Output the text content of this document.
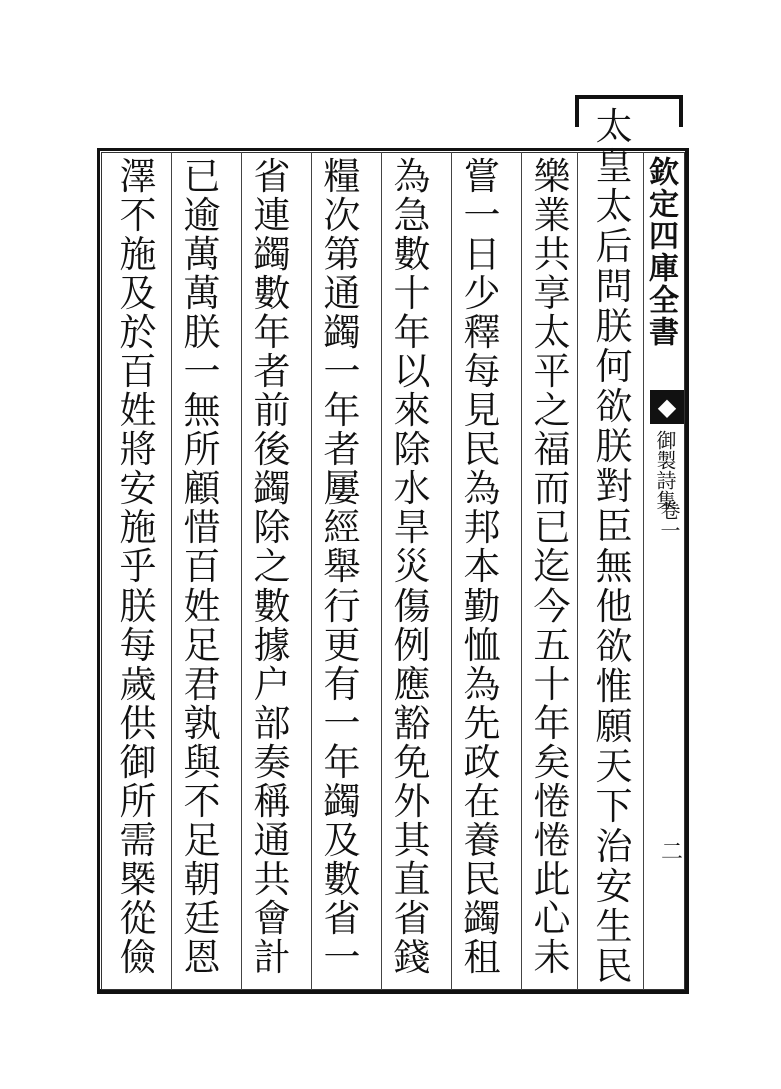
太
皇
太
后
問
朕
何
欲
朕
對
臣
無
他
欲
惟
願
天
下
治
安
生
民
樂
業
共
享
太
平
之
福
而
已
迄
今
五
十
年
矣
惓
惓
此
心
未
嘗
一
日
少
釋
每
見
民
為
邦
本
勤
恤
為
先
政
在
養
民
蠲
租
為
急
數
十
年
以
來
除
水
旱
災
傷
例
應
豁
免
外
其
直
省
錢
糧
次
第
通
蠲
一
年
者
屢
經
舉
行
更
有
一
年
蠲
及
數
省
一
省
連
蠲
數
年
者
前
後
蠲
除
之
數
據
户
部
奏
稱
通
共
會
計
已
逾
萬
萬
朕
一
無
所
顧
惜
百
姓
足
君
孰
與
不
足
朝
廷
恩
澤
不
施
及
於
百
姓
將
安
施
乎
朕
每
歲
供
御
所
需
槩
從
儉
欽定四庫全書
◆
御製詩集
卷一
二
